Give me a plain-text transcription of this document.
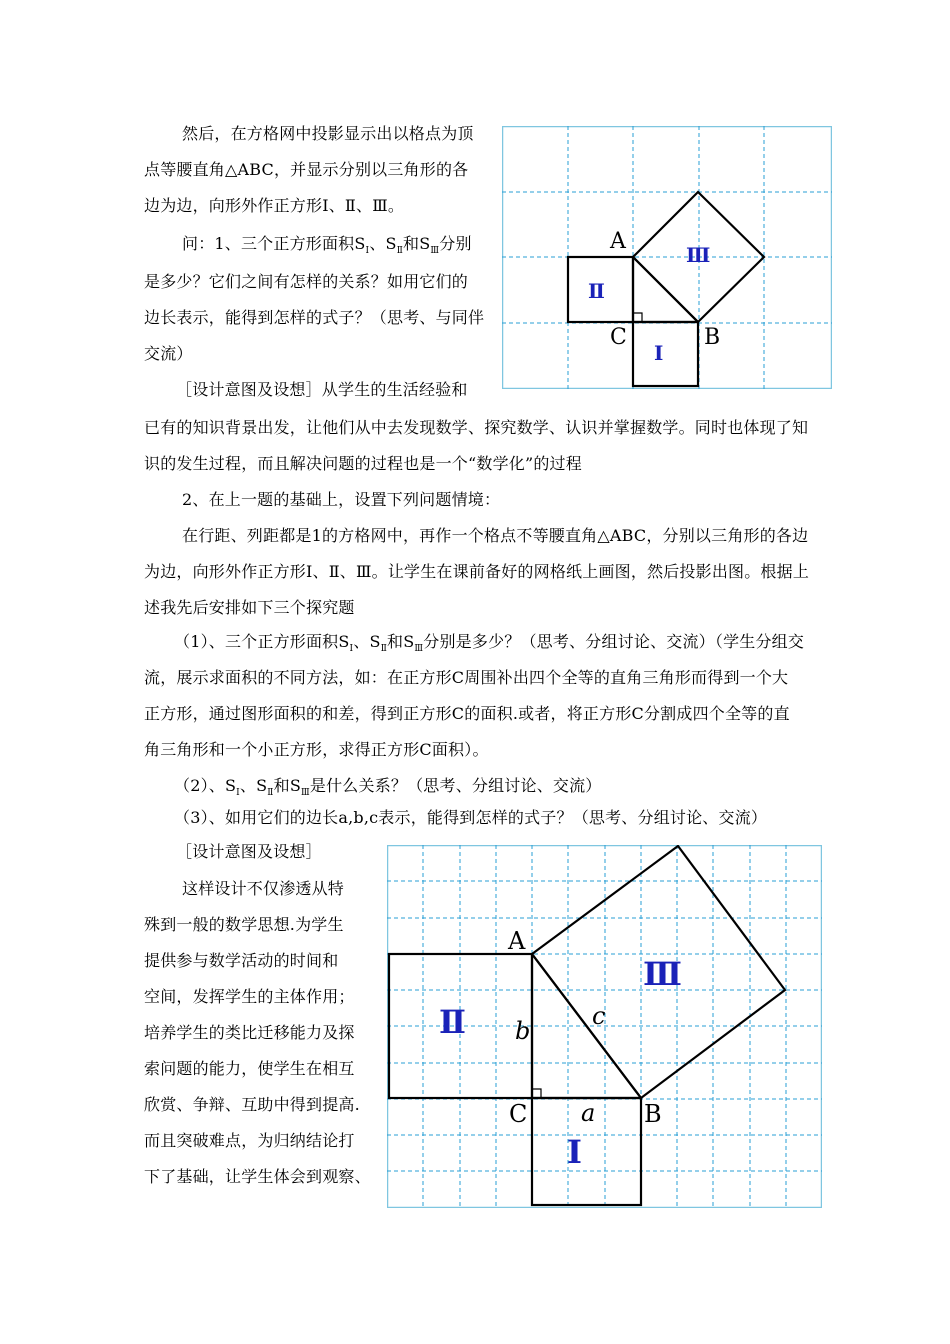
然后，在方格网中投影显示出以格点为顶
点等腰直角△ABC，并显示分别以三角形的各
边为边，向形外作正方形Ⅰ、Ⅱ、Ⅲ。
问：1、三个正方形面积$S_Ⅰ$、$S_Ⅱ$和$S_Ⅲ$分别
是多少？它们之间有怎样的关系？如用它们的
边长表示，能得到怎样的式子？（思考、与同伴
交流）
［设计意图及设想］从学生的生活经验和
A
C	B
Ⅱ
Ⅰ
Ⅲ
已有的知识背景出发，让他们从中去发现数学、探究数学、认识并掌握数学。同时也体现了知
识的发生过程，而且解决问题的过程也是一个“数学化”的过程
2、在上一题的基础上，设置下列问题情境：
在行距、列距都是1的方格网中，再作一个格点不等腰直角△ABC，分别以三角形的各边
为边，向形外作正方形Ⅰ、Ⅱ、Ⅲ。让学生在课前备好的网格纸上画图，然后投影出图。根据上
述我先后安排如下三个探究题
（1）、三个正方形面积$S_Ⅰ$、$S_Ⅱ$和$S_Ⅲ$分别是多少？（思考、分组讨论、交流）（学生分组交
流，展示求面积的不同方法，如：在正方形C周围补出四个全等的直角三角形而得到一个大
正方形，通过图形面积的和差，得到正方形C的面积.或者，将正方形C分割成四个全等的直
角三角形和一个小正方形，求得正方形C面积）。
（2）、$S_Ⅰ$、$S_Ⅱ$和$S_Ⅲ$是什么关系？（思考、分组讨论、交流）
（3）、如用它们的边长a,b,c表示，能得到怎样的式子？（思考、分组讨论、交流）
［设计意图及设想］
这样设计不仅渗透从特
殊到一般的数学思想.为学生
提供参与数学活动的时间和
空间，发挥学生的主体作用；
培养学生的类比迁移能力及探
索问题的能力，使学生在相互
欣赏、争辩、互助中得到提高.
而且突破难点，为归纳结论打
下了基础，让学生体会到观察、
A
C	B
b
c
a
Ⅱ
Ⅰ
Ⅲ
